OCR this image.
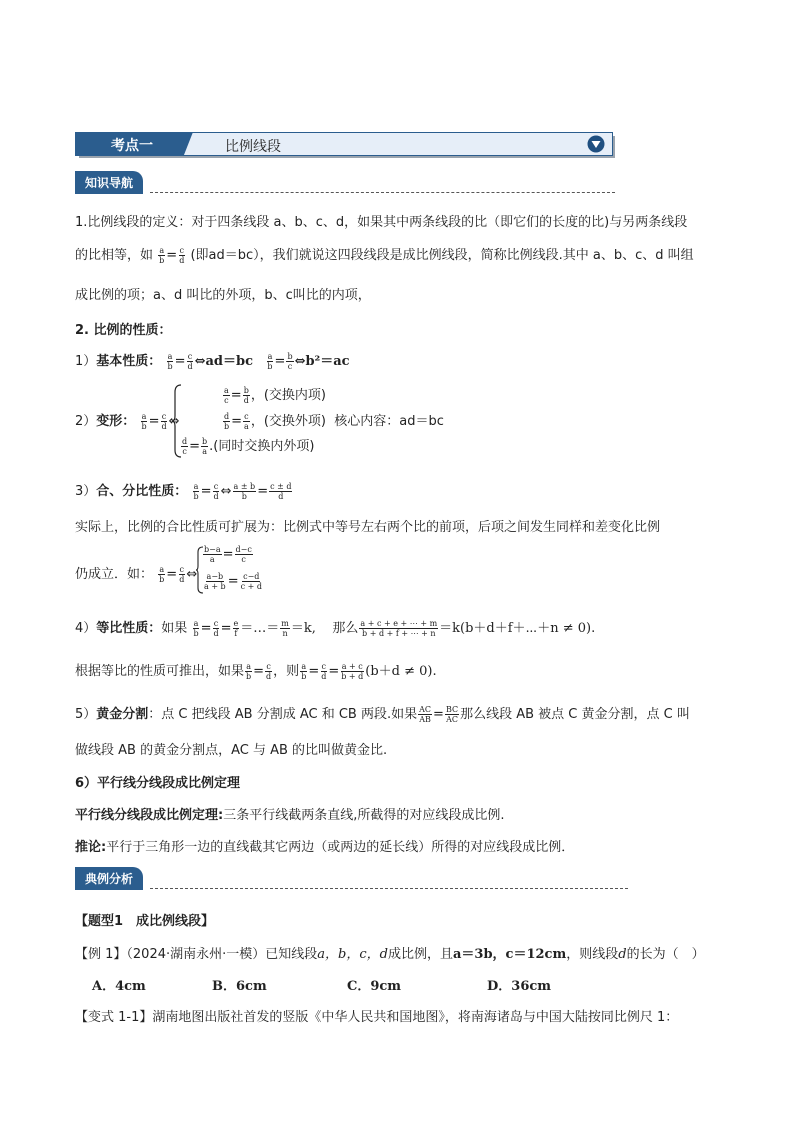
考点一	比例线段
知识导航
1.比例线段的定义：对于四条线段 a、b、c、d，如果其中两条线段的比（即它们的长度的比)与另两条线段
的比相等，如 $\frac{a}{b} = \frac{c}{d}$ (即ad＝bc），我们就说这四段线段是成比例线段，简称比例线段.其中 a、b、c、d 叫组
成比例的项；a、d 叫比的外项，b、c叫比的内项，
2. 比例的性质：
1）基本性质： $\frac{a}{b} = \frac{c}{d}$ ⇔ad＝bc $\frac{a}{b} = \frac{b}{c}$ ⇔b²＝ac
2）变形： $\frac{a}{b} = \frac{c}{d}$ ⇔
$\frac{a}{c} = \frac{b}{d}$ ，(交换内项)
$\frac{d}{b} = \frac{c}{a}$ ，(交换外项) 核心内容：ad＝bc
$\frac{d}{c} = \frac{b}{a}$ .(同时交换内外项)
3）合、分比性质： $\frac{a}{b} = \frac{c}{d}$ ⇔ $\frac{a \pm b}{b} = \frac{c \pm d}{d}$
实际上，比例的合比性质可扩展为：比例式中等号左右两个比的前项，后项之间发生同样和差变化比例
仍成立．如： $\frac{a}{b} = \frac{c}{d}$ ⇔
$\frac{b-a}{a} = \frac{d-c}{c}$
$\frac{a-b}{a + b} = \frac{c-d}{c + d}$
4）等比性质：如果 $\frac{a}{b} = \frac{c}{d} = \frac{e}{f}$ ＝…＝ $\frac{m}{n} =k$, 那么 $\frac{a + c + e + \cdots + m}{b + d + f + \cdots + n}$ ＝k(b＋d＋f＋⋯＋n ≠ 0).
根据等比的性质可推出，如果 $\frac{a}{b} = \frac{c}{d}$ ，则 $\frac{a}{b} = \frac{c}{d} = \frac{a + c}{b + d} (b+d \ne 0)$.
5）黄金分割：点 C 把线段 AB 分割成 AC 和 CB 两段.如果 $\frac{AC}{AB} = \frac{BC}{AC}$ 那么线段 AB 被点 C 黄金分割，点 C 叫
做线段 AB 的黄金分割点，AC 与 AB 的比叫做黄金比.
6）平行线分线段成比例定理
平行线分线段成比例定理:三条平行线截两条直线,所截得的对应线段成比例.
推论:平行于三角形一边的直线截其它两边（或两边的延长线）所得的对应线段成比例．
典例分析
【题型1　成比例线段】
【例 1】（2024·湖南永州·一模）已知线段a，b，c，d成比例，且a＝3b，c＝12cm，则线段d的长为（　）
A．4cm	B．6cm	C．9cm	D．36cm
【变式 1-1】湖南地图出版社首发的竖版《中华人民共和国地图》，将南海诸岛与中国大陆按同比例尺 1：
